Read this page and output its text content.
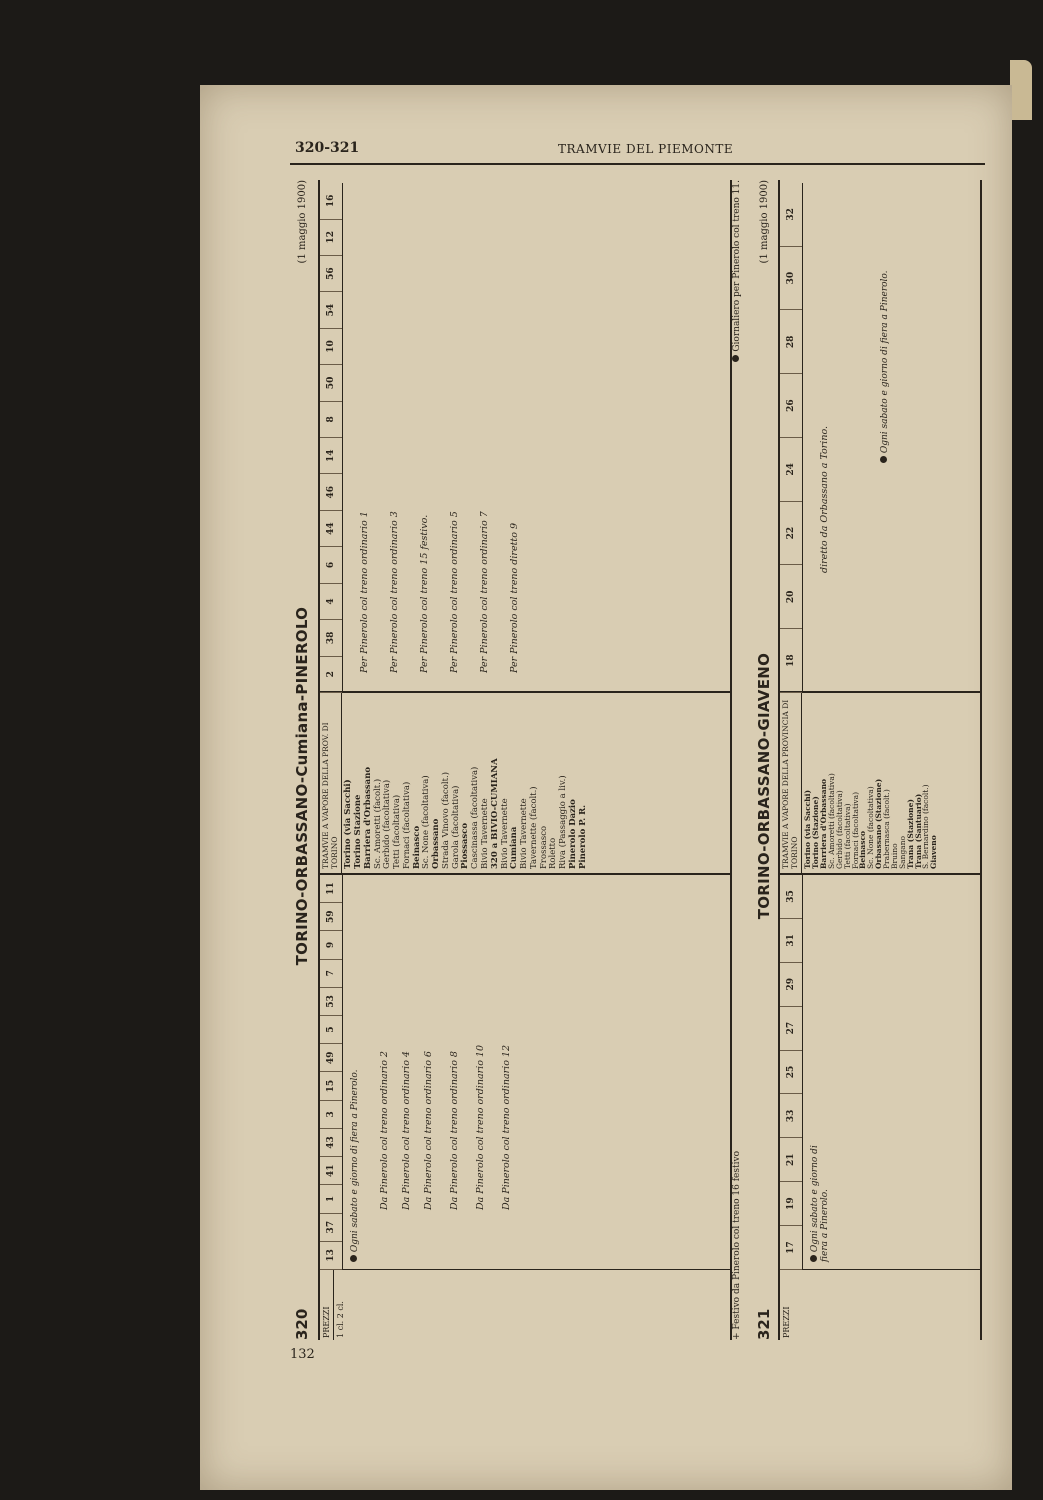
320-321	TRAMVIE DEL PIEMONTE
132
320
TORINO-ORBASSANO-Cumiana-PINEROLO
(1 maggio 1900)
PREZZI 1 cl. 2 cl.
13
37
1
41
43
3
15
49
5
53
7
9
59
11
Ogni sabato e giorno di fiera a Pinerolo. Da Pinerolo col treno ordinario 2 Da Pinerolo col treno ordinario 4 Da Pinerolo col treno ordinario 6 Da Pinerolo col treno ordinario 8 Da Pinerolo col treno ordinario 10 Da Pinerolo col treno ordinario 12
TRAMVIE A VAPORE DELLA PROV. DI TORINO Torino (via Sacchi) Torino Stazione Barriera d'Orbassano Sc. Amoretti (facolt.) Gerbido (facoltativa) Tetti (facoltativa) Fornaci (facoltativa) Beinasco Sc. None (facoltativa) Orbassano Strada Vinovo (facolt.) Garola (facoltativa) Piossasco Cascinassa (facoltativa) Bivio Tavernette 320 a BIVIO-CUMIANA Bivio Tavernette Cumiana Bivio Tavernette Tavernette (facolt.) Frossasco Roletto Riva (Passaggio a liv.) Pinerolo Dazio Pinerolo P. R.
2
38
4
6
44
46
14
8
50
10
54
56
12
16
Per Pinerolo col treno ordinario 1 Per Pinerolo col treno ordinario 3 Per Pinerolo col treno 15 festivo. Per Pinerolo col treno ordinario 5 Per Pinerolo col treno ordinario 7 Per Pinerolo col treno diretto 9
+ Festivo da Pinerolo col treno 16 festivo
Giornaliero per Pinerolo col treno 11.
321
TORINO-ORBASSANO-GIAVENO
(1 maggio 1900)
PREZZI
17
19
21
33
25
27
29
31
35
Ogni sabato e giorno di fiera a Pinerolo.
TRAMVIE A VAPORE DELLA PROVINCIA DI TORINO Torino (via Sacchi)
Torino (Stazione)
Barriera d'Orbassano
Sc. Amoretti (facoltativa)
Gerbido (facoltativa)
Tetti (facoltativa)
Fornaci (facoltativa)
Beinasco
Sc. None (facoltativa)
Orbassano (Stazione)
Prabernasca (facolt.)
Bruino
Sangano
Trana (Stazione)
Trana (Santuario)
S. Bernardino (facolt.)
Giaveno
18
20
22
24
26
28
30
32
diretto da Orbassano a Torino.
Ogni sabato e giorno di fiera a Pinerolo.
